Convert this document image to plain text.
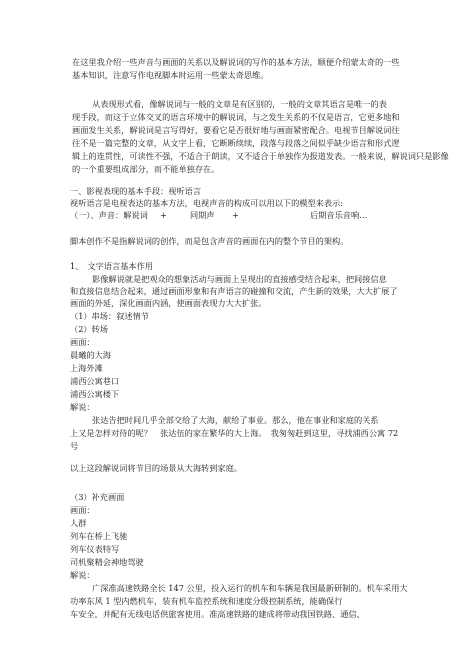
在这里我介绍一些声音与画面的关系以及解说词的写作的基本方法，顺便介绍蒙太奇的一些
基本知识，注意写作电视脚本时运用一些蒙太奇思维。
从表现形式看，像解说词与一般的文章是有区别的，一般的文章其语言是唯一的表
现手段，而这于立体交叉的语言环境中的解说词，与之发生关系的不仅是语言，它更多地和
画面发生关系，解说词是言写得好，要看它是否很好地与画面紧密配合。电视节目解说词往
往不是一篇完整的文章，从文字上看，它断断续续，段落与段落之间似乎缺少语言和形式逻
辑上的连贯性，可读性不强，不适合于朗读，又不适合于单独作为报道发表。一般来说，解说词只是影像
的一个重要组成部分，而不能单独存在。
一、影视表现的基本手段：视听语言
视听语言是电视表达的基本方法，电视声音的构成可以用以下的模型来表示:
（一）、声音：解说词 +	同期声 +	后期音乐音响…
脚本创作不是指解说词的创作，而是包含声音的画面在内的整个节目的架构。
1、　文字语言基本作用
影像解说就是把观众的想象活动与画面上呈现出的直接感受结合起来，把间接信息
和直接信息结合起来，通过画面形象和有声语言的碰撞和交流，产生新的效果，大大扩展了
画面的外延，深化画面内涵，使画面表现力大大扩张。
（1）串场：叙述情节
（2）转场
画面：
晨曦的大海
上海外滩
浦西公寓巷口
浦西公寓楼下
解说：
张达告把时间几乎全部交给了大海，献给了事业。那么，他在事业和家庭的关系
上又是怎样对待的呢？　张达伍的家在繁华的大上海。　我匆匆赶到这里，寻找浦西公寓 72
号
以上这段解说词将节目的场景从大海转到家庭。
（3）补充画面
画面：
人群
列车在桥上飞驰
列车仪表特写
司机聚精会神地驾驶
解说：
广深准高速铁路全长 147 公里，投入运行的机车和车辆是我国最新研制的。机车采用大
功率东风 1 型内燃机车，装有机车监控系统和速度分级控制系统，能确保行
车安全，并配有无线电话供旅客使用。准高速铁路的建成将带动我国铁路、通信、
